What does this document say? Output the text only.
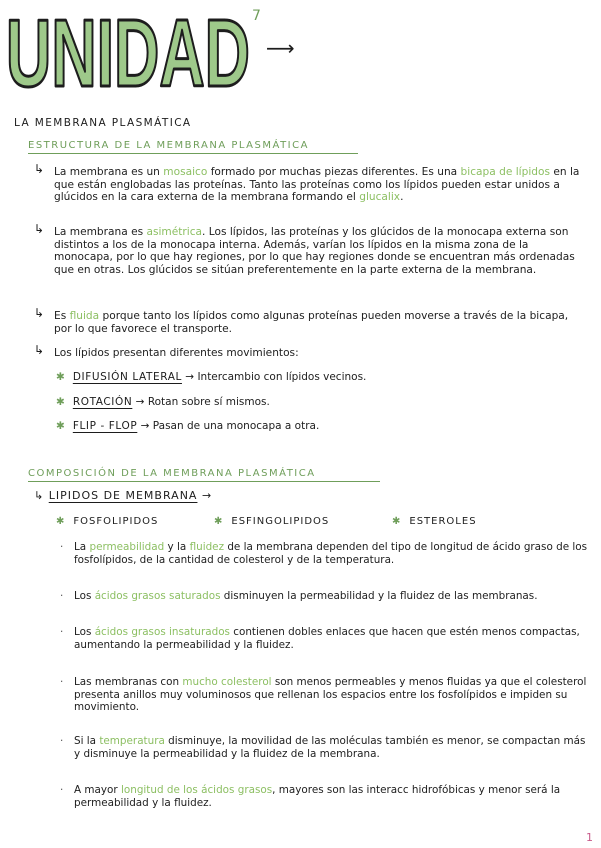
UNIDAD 7
⟶
LA MEMBRANA PLASMÁTICA
ESTRUCTURA DE LA MEMBRANA PLASMÁTICA
↳ La membrana es un mosaico formado por muchas piezas diferentes. Es una bicapa de lípidos en la que están englobadas las proteínas. Tanto las proteínas como los lípidos pueden estar unidos a glúcidos en la cara externa de la membrana formando el glucalix.
↳ La membrana es asimétrica. Los lípidos, las proteínas y los glúcidos de la monocapa externa son distintos a los de la monocapa interna. Además, varían los lípidos en la misma zona de la monocapa, por lo que hay regiones, por lo que hay regiones donde se encuentran más ordenadas que en otras. Los glúcidos se sitúan preferentemente en la parte externa de la membrana.
↳ Es fluida porque tanto los lípidos como algunas proteínas pueden moverse a través de la bicapa, por lo que favorece el transporte.
↳ Los lípidos presentan diferentes movimientos:
✱ DIFUSIÓN LATERAL → Intercambio con lípidos vecinos.
✱ ROTACIÓN → Rotan sobre sí mismos.
✱ FLIP - FLOP → Pasan de una monocapa a otra.
COMPOSICIÓN DE LA MEMBRANA PLASMÁTICA
↳ LIPIDOS DE MEMBRANA →
✱ FOSFOLIPIDOS	✱ ESFINGOLIPIDOS	✱ ESTEROLES
· La permeabilidad y la fluidez de la membrana dependen del tipo de longitud de ácido graso de los fosfolípidos, de la cantidad de colesterol y de la temperatura.
· Los ácidos grasos saturados disminuyen la permeabilidad y la fluidez de las membranas.
· Los ácidos grasos insaturados contienen dobles enlaces que hacen que estén menos compactas, aumentando la permeabilidad y la fluidez.
· Las membranas con mucho colesterol son menos permeables y menos fluidas ya que el colesterol presenta anillos muy voluminosos que rellenan los espacios entre los fosfolípidos e impiden su movimiento.
· Si la temperatura disminuye, la movilidad de las moléculas también es menor, se compactan más y disminuye la permeabilidad y la fluidez de la membrana.
· A mayor longitud de los ácidos grasos, mayores son las interacc hidrofóbicas y menor será la permeabilidad y la fluidez.
1
